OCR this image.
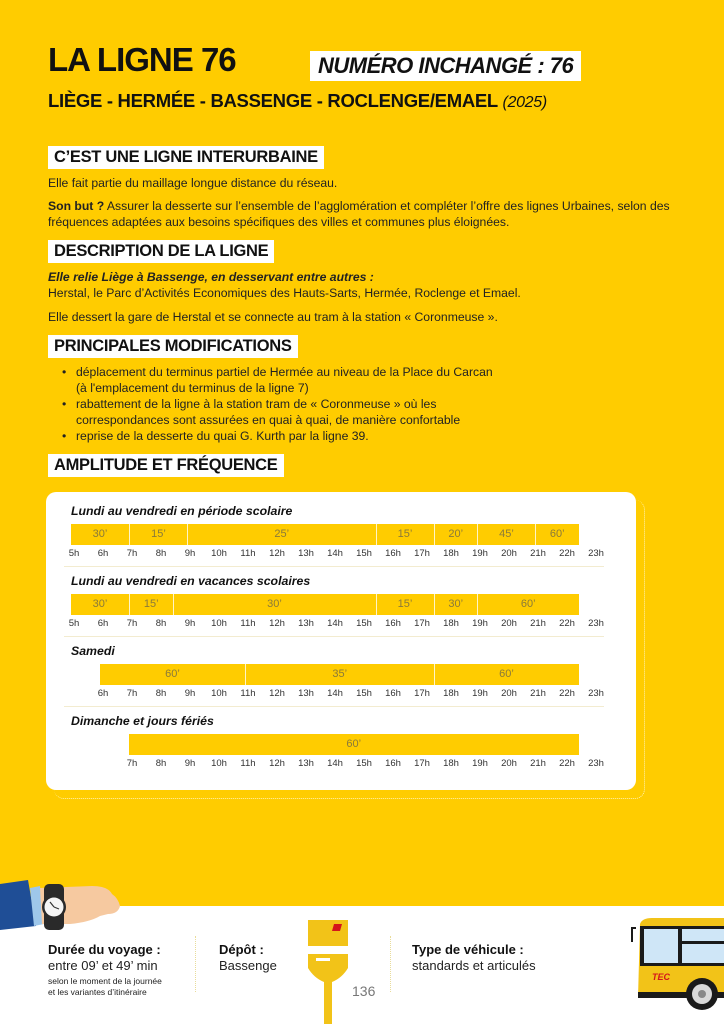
LA LIGNE 76	NUMÉRO INCHANGÉ : 76
LIÈGE - HERMÉE - BASSENGE - ROCLENGE/EMAEL (2025)
C’EST UNE LIGNE INTERURBAINE
Elle fait partie du maillage longue distance du réseau.
Son but ? Assurer la desserte sur l’ensemble de l’agglomération et compléter l’offre des lignes Urbaines, selon des fréquences adaptées aux besoins spécifiques des villes et communes plus éloignées.
DESCRIPTION DE LA LIGNE
Elle relie Liège à Bassenge, en desservant entre autres :
Herstal, le Parc d’Activités Economiques des Hauts-Sarts, Hermée, Roclenge et Emael.
Elle dessert la gare de Herstal et se connecte au tram à la station « Coronmeuse ».
PRINCIPALES MODIFICATIONS
• déplacement du terminus partiel de Hermée au niveau de la Place du Carcan (à l'emplacement du terminus de la ligne 7)
• rabattement de la ligne à la station tram de « Coronmeuse » où les correspondances sont assurées en quai à quai, de manière confortable
• reprise de la desserte du quai G. Kurth par la ligne 39.
AMPLITUDE ET FRÉQUENCE
Lundi au vendredi en période scolaire
30’	15’	25’	15’	20’	45’	60’
5h	6h	7h	8h	9h	10h	11h	12h	13h	14h	15h	16h	17h	18h	19h	20h	21h	22h	23h
Lundi au vendredi en vacances scolaires
30’	15’	30’	15’	30’	60’
5h	6h	7h	8h	9h	10h	11h	12h	13h	14h	15h	16h	17h	18h	19h	20h	21h	22h	23h
Samedi
60’	35’	60’
6h	7h	8h	9h	10h	11h	12h	13h	14h	15h	16h	17h	18h	19h	20h	21h	22h	23h
Dimanche et jours fériés
60’
7h	8h	9h	10h	11h	12h	13h	14h	15h	16h	17h	18h	19h	20h	21h	22h	23h
Durée du voyage :
entre 09’ et 49’ min
selon le moment de la journée
et les variantes d’itinéraire
Dépôt :
Bassenge
136
Type de véhicule :
standards et articulés
TEC
